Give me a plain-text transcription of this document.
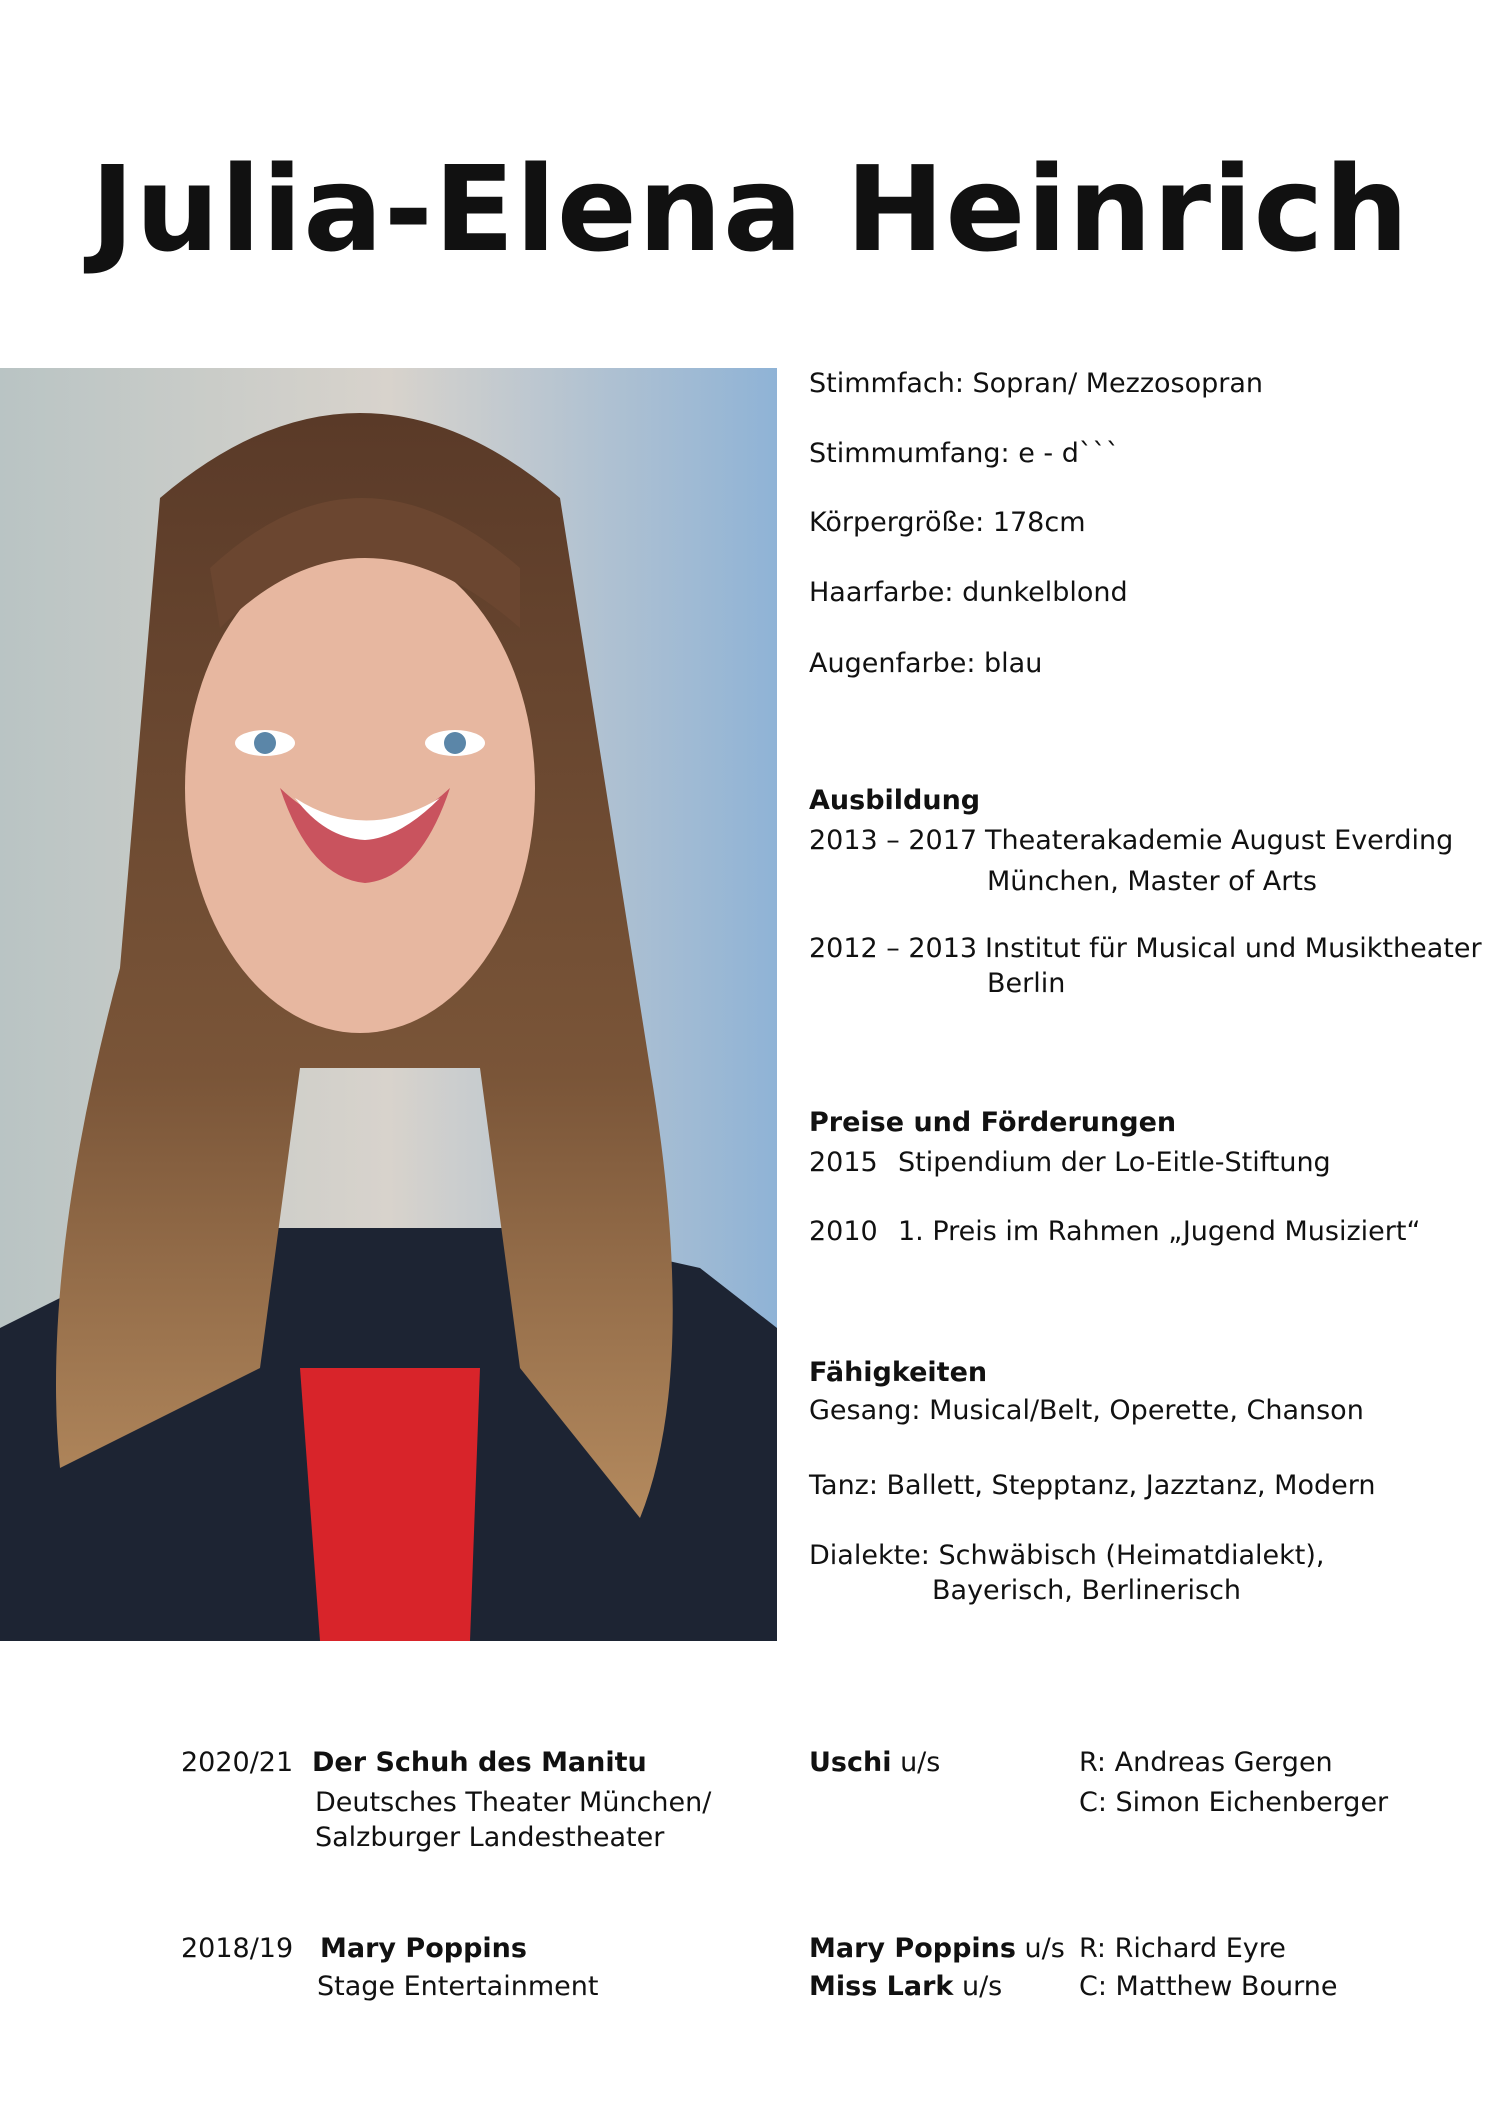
Julia-Elena Heinrich
Stimmfach: Sopran/ Mezzosopran
Stimmumfang: e - d```
Körpergröße: 178cm
Haarfarbe: dunkelblond
Augenfarbe: blau
Ausbildung
2013 – 2017 Theaterakademie August Everding
München, Master of Arts
2012 – 2013 Institut für Musical und Musiktheater
Berlin
Preise und Förderungen
2015 Stipendium der Lo-Eitle-Stiftung
2010 1. Preis im Rahmen „Jugend Musiziert“
Fähigkeiten
Gesang: Musical/Belt, Operette, Chanson
Tanz: Ballett, Stepptanz, Jazztanz, Modern
Dialekte: Schwäbisch (Heimatdialekt),
Bayerisch, Berlinerisch
2020/21 Der Schuh des Manitu
Deutsches Theater München/
Salzburger Landestheater
Uschi u/s	R: Andreas Gergen
C: Simon Eichenberger
2018/19 Mary Poppins
Stage Entertainment
Mary Poppins u/s
Miss Lark u/s
R: Richard Eyre
C: Matthew Bourne
